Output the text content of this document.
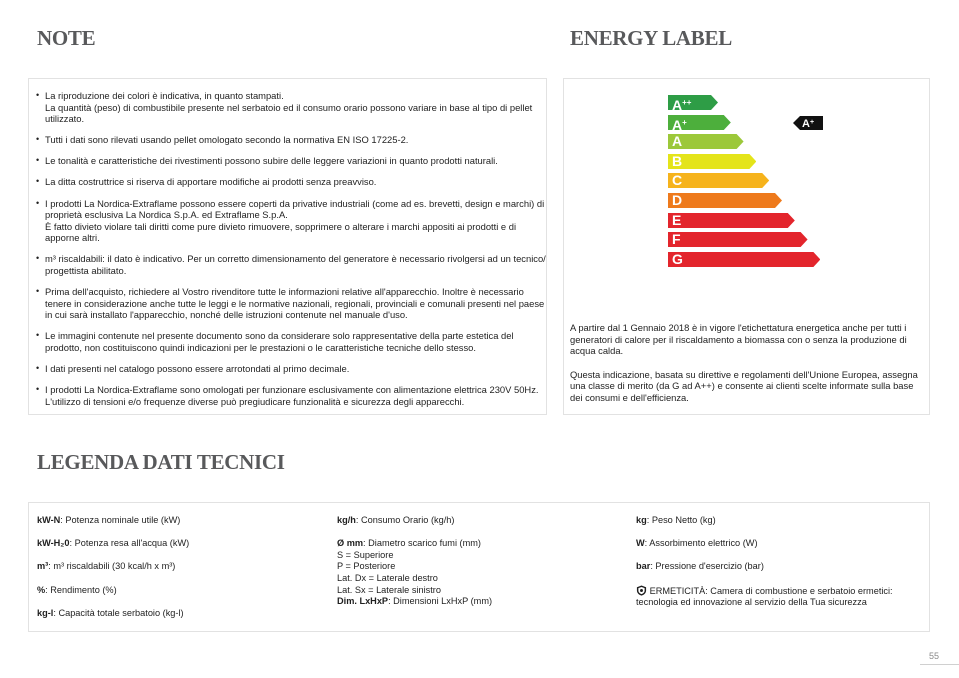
NOTE
• La riproduzione dei colori è indicativa, in quanto stampati.
La quantità (peso) di combustibile presente nel serbatoio ed il consumo orario possono variare in base al tipo di pellet utilizzato.
• Tutti i dati sono rilevati usando pellet omologato secondo la normativa EN ISO 17225-2.
• Le tonalità e caratteristiche dei rivestimenti possono subire delle leggere variazioni in quanto prodotti naturali.
• La ditta costruttrice si riserva di apportare modifiche ai prodotti senza preavviso.
• I prodotti La Nordica-Extraflame possono essere coperti da privative industriali (come ad es. brevetti, design e marchi) di proprietà esclusiva La Nordica S.p.A. ed Extraflame S.p.A.
È fatto divieto violare tali diritti come pure divieto rimuovere, sopprimere o alterare i marchi appositi ai prodotti e di apporne altri.
• m³ riscaldabili: il dato è indicativo. Per un corretto dimensionamento del generatore è necessario rivolgersi ad un tecnico/ progettista abilitato.
• Prima dell'acquisto, richiedere al Vostro rivenditore tutte le informazioni relative all'apparecchio. Inoltre è necessario tenere in considerazione anche tutte le leggi e le normative nazionali, regionali, provinciali e comunali presenti nel paese in cui sarà installato l'apparecchio, nonché delle istruzioni contenute nel manuale d'uso.
• Le immagini contenute nel presente documento sono da considerare solo rappresentative della parte estetica del prodotto, non costituiscono quindi indicazioni per le prestazioni o le caratteristiche tecniche dello stesso.
• I dati presenti nel catalogo possono essere arrotondati al primo decimale.
• I prodotti La Nordica-Extraflame sono omologati per funzionare esclusivamente con alimentazione elettrica 230V 50Hz.
L'utilizzo di tensioni e/o frequenze diverse può pregiudicare funzionalità e sicurezza degli apparecchi.
ENERGY LABEL
A++
A+
A
B
C
D
E
F
G
A+

A partire dal 1 Gennaio 2018 è in vigore l'etichettatura energetica anche per tutti i generatori di calore per il riscaldamento a biomassa con o senza la produzione di acqua calda.

Questa indicazione, basata su direttive e regolamenti dell'Unione Europea, assegna una classe di merito (da G ad A++) e consente ai clienti scelte informate sulla base dei consumi e dell'efficienza.

LEGENDA DATI TECNICI
kW-N: Potenza nominale utile (kW)
kW-H₂0: Potenza resa all'acqua (kW)
m³: m³ riscaldabili (30 kcal/h x m³)
%: Rendimento (%)
kg-l: Capacità totale serbatoio (kg-l)
kg/h: Consumo Orario (kg/h)
Ø mm: Diametro scarico fumi (mm)
S = Superiore
P = Posteriore
Lat. Dx = Laterale destro
Lat. Sx = Laterale sinistro
Dim. LxHxP: Dimensioni LxHxP (mm)
kg: Peso Netto (kg)
W: Assorbimento elettrico (W)
bar: Pressione d'esercizio (bar)
ERMETICITÀ: Camera di combustione e serbatoio ermetici: tecnologia ed innovazione al servizio della Tua sicurezza
55
